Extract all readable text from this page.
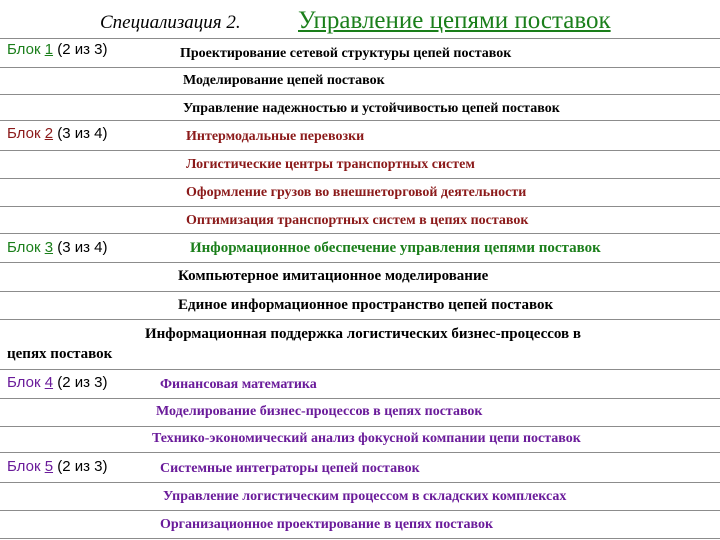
Специализация 2. Управление цепями поставок
Блок 1 (2 из 3)	Проектирование сетевой структуры цепей поставок
Моделирование цепей поставок
Управление надежностью и устойчивостью цепей поставок
Блок 2 (3 из 4)	Интермодальные перевозки
Логистические центры транспортных систем
Оформление грузов во внешнеторговой деятельности
Оптимизация транспортных систем в цепях поставок
Блок 3 (3 из 4)	Информационное обеспечение управления цепями поставок
Компьютерное имитационное моделирование
Единое информационное пространство цепей поставок
Информационная поддержка логистических бизнес-процессов в
цепях поставок
Блок 4 (2 из 3)	Финансовая математика
Моделирование бизнес-процессов в цепях поставок
Технико-экономический анализ фокусной компании цепи поставок
Блок 5 (2 из 3)	Системные интеграторы цепей поставок
Управление логистическим процессом в складских комплексах
Организационное проектирование в цепях поставок
